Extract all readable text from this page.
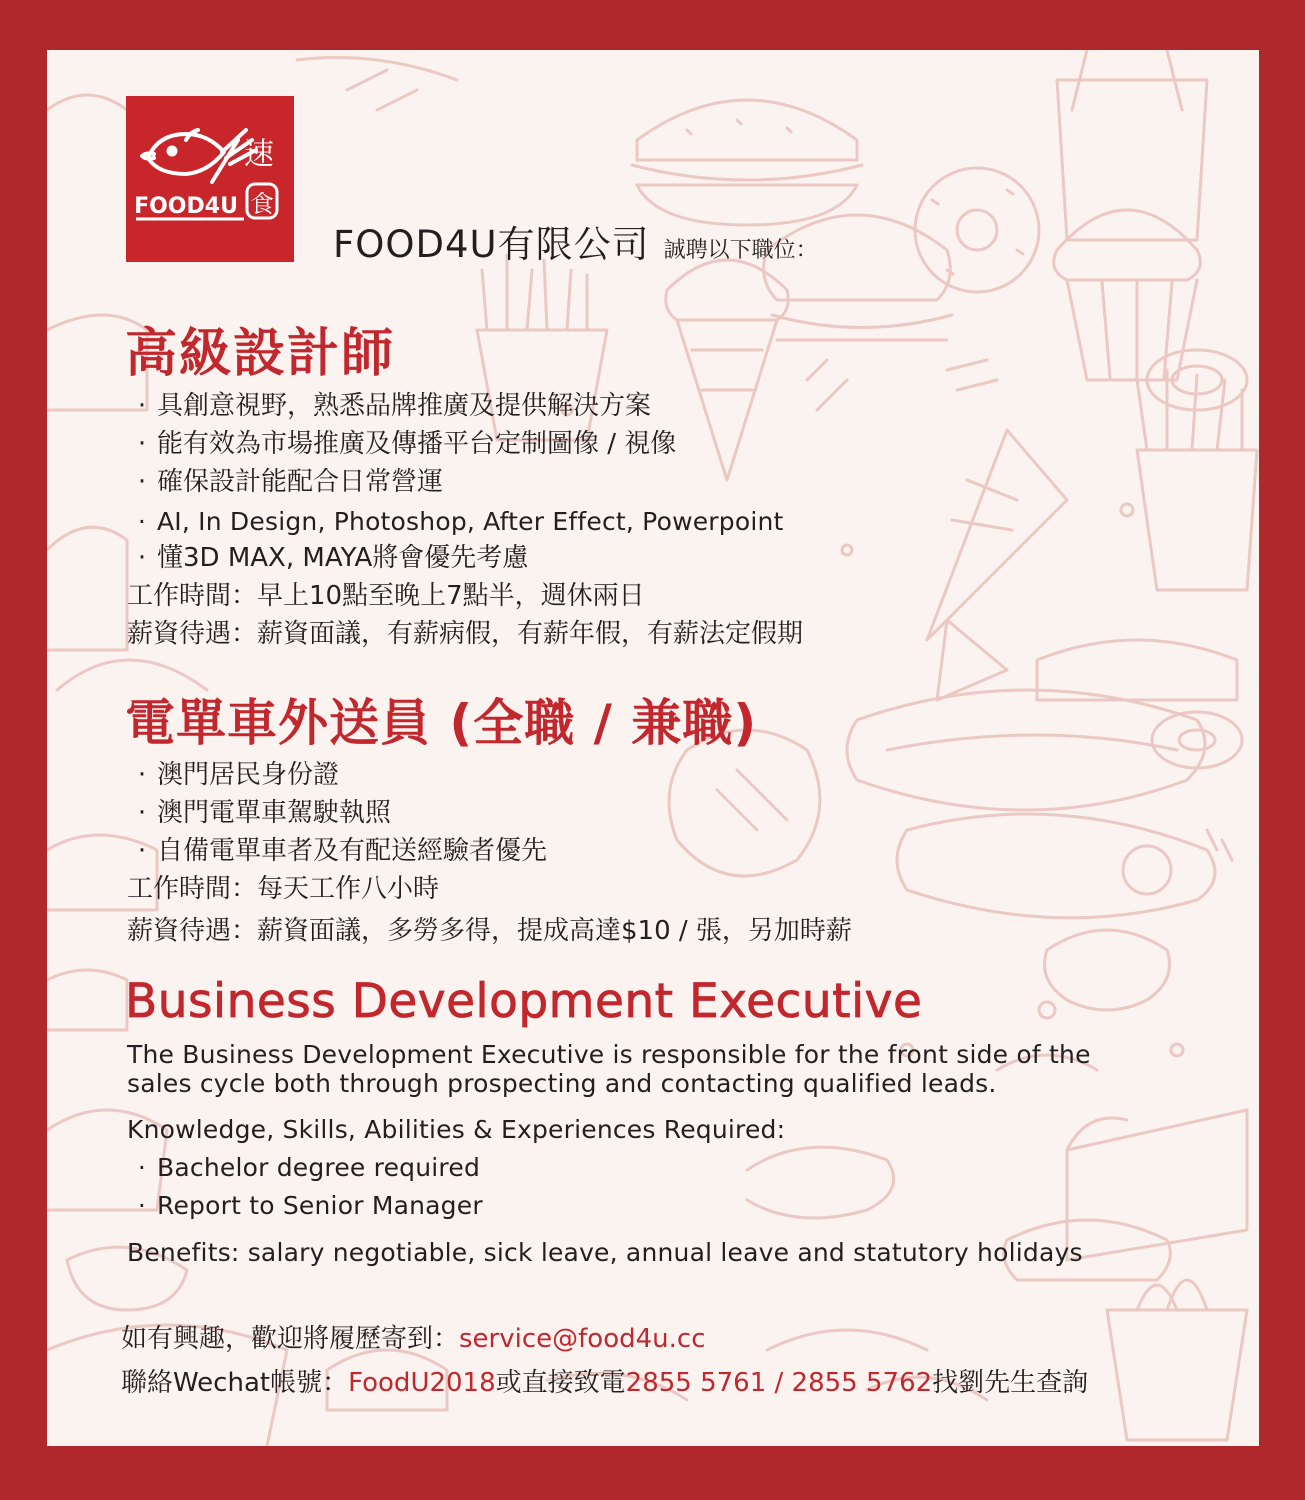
速
FOOD4U 食
FOOD4U有限公司 誠聘以下職位：
高級設計師
· 具創意視野，熟悉品牌推廣及提供解決方案
· 能有效為市場推廣及傳播平台定制圖像 / 視像
· 確保設計能配合日常營運
· AI, In Design, Photoshop, After Effect, Powerpoint
· 懂3D MAX, MAYA將會優先考慮
工作時間：早上10點至晚上7點半，週休兩日
薪資待遇：薪資面議，有薪病假，有薪年假，有薪法定假期
電單車外送員 (全職 / 兼職)
· 澳門居民身份證
· 澳門電單車駕駛執照
· 自備電單車者及有配送經驗者優先
工作時間：每天工作八小時
薪資待遇：薪資面議，多勞多得，提成高達$10 / 張，另加時薪
Business Development Executive
The Business Development Executive is responsible for the front side of the
sales cycle both through prospecting and contacting qualified leads.
Knowledge, Skills, Abilities & Experiences Required:
· Bachelor degree required
· Report to Senior Manager
Benefits: salary negotiable, sick leave, annual leave and statutory holidays
如有興趣，歡迎將履歷寄到：service@food4u.cc
聯絡Wechat帳號：FoodU2018或直接致電2855 5761 / 2855 5762找劉先生查詢
